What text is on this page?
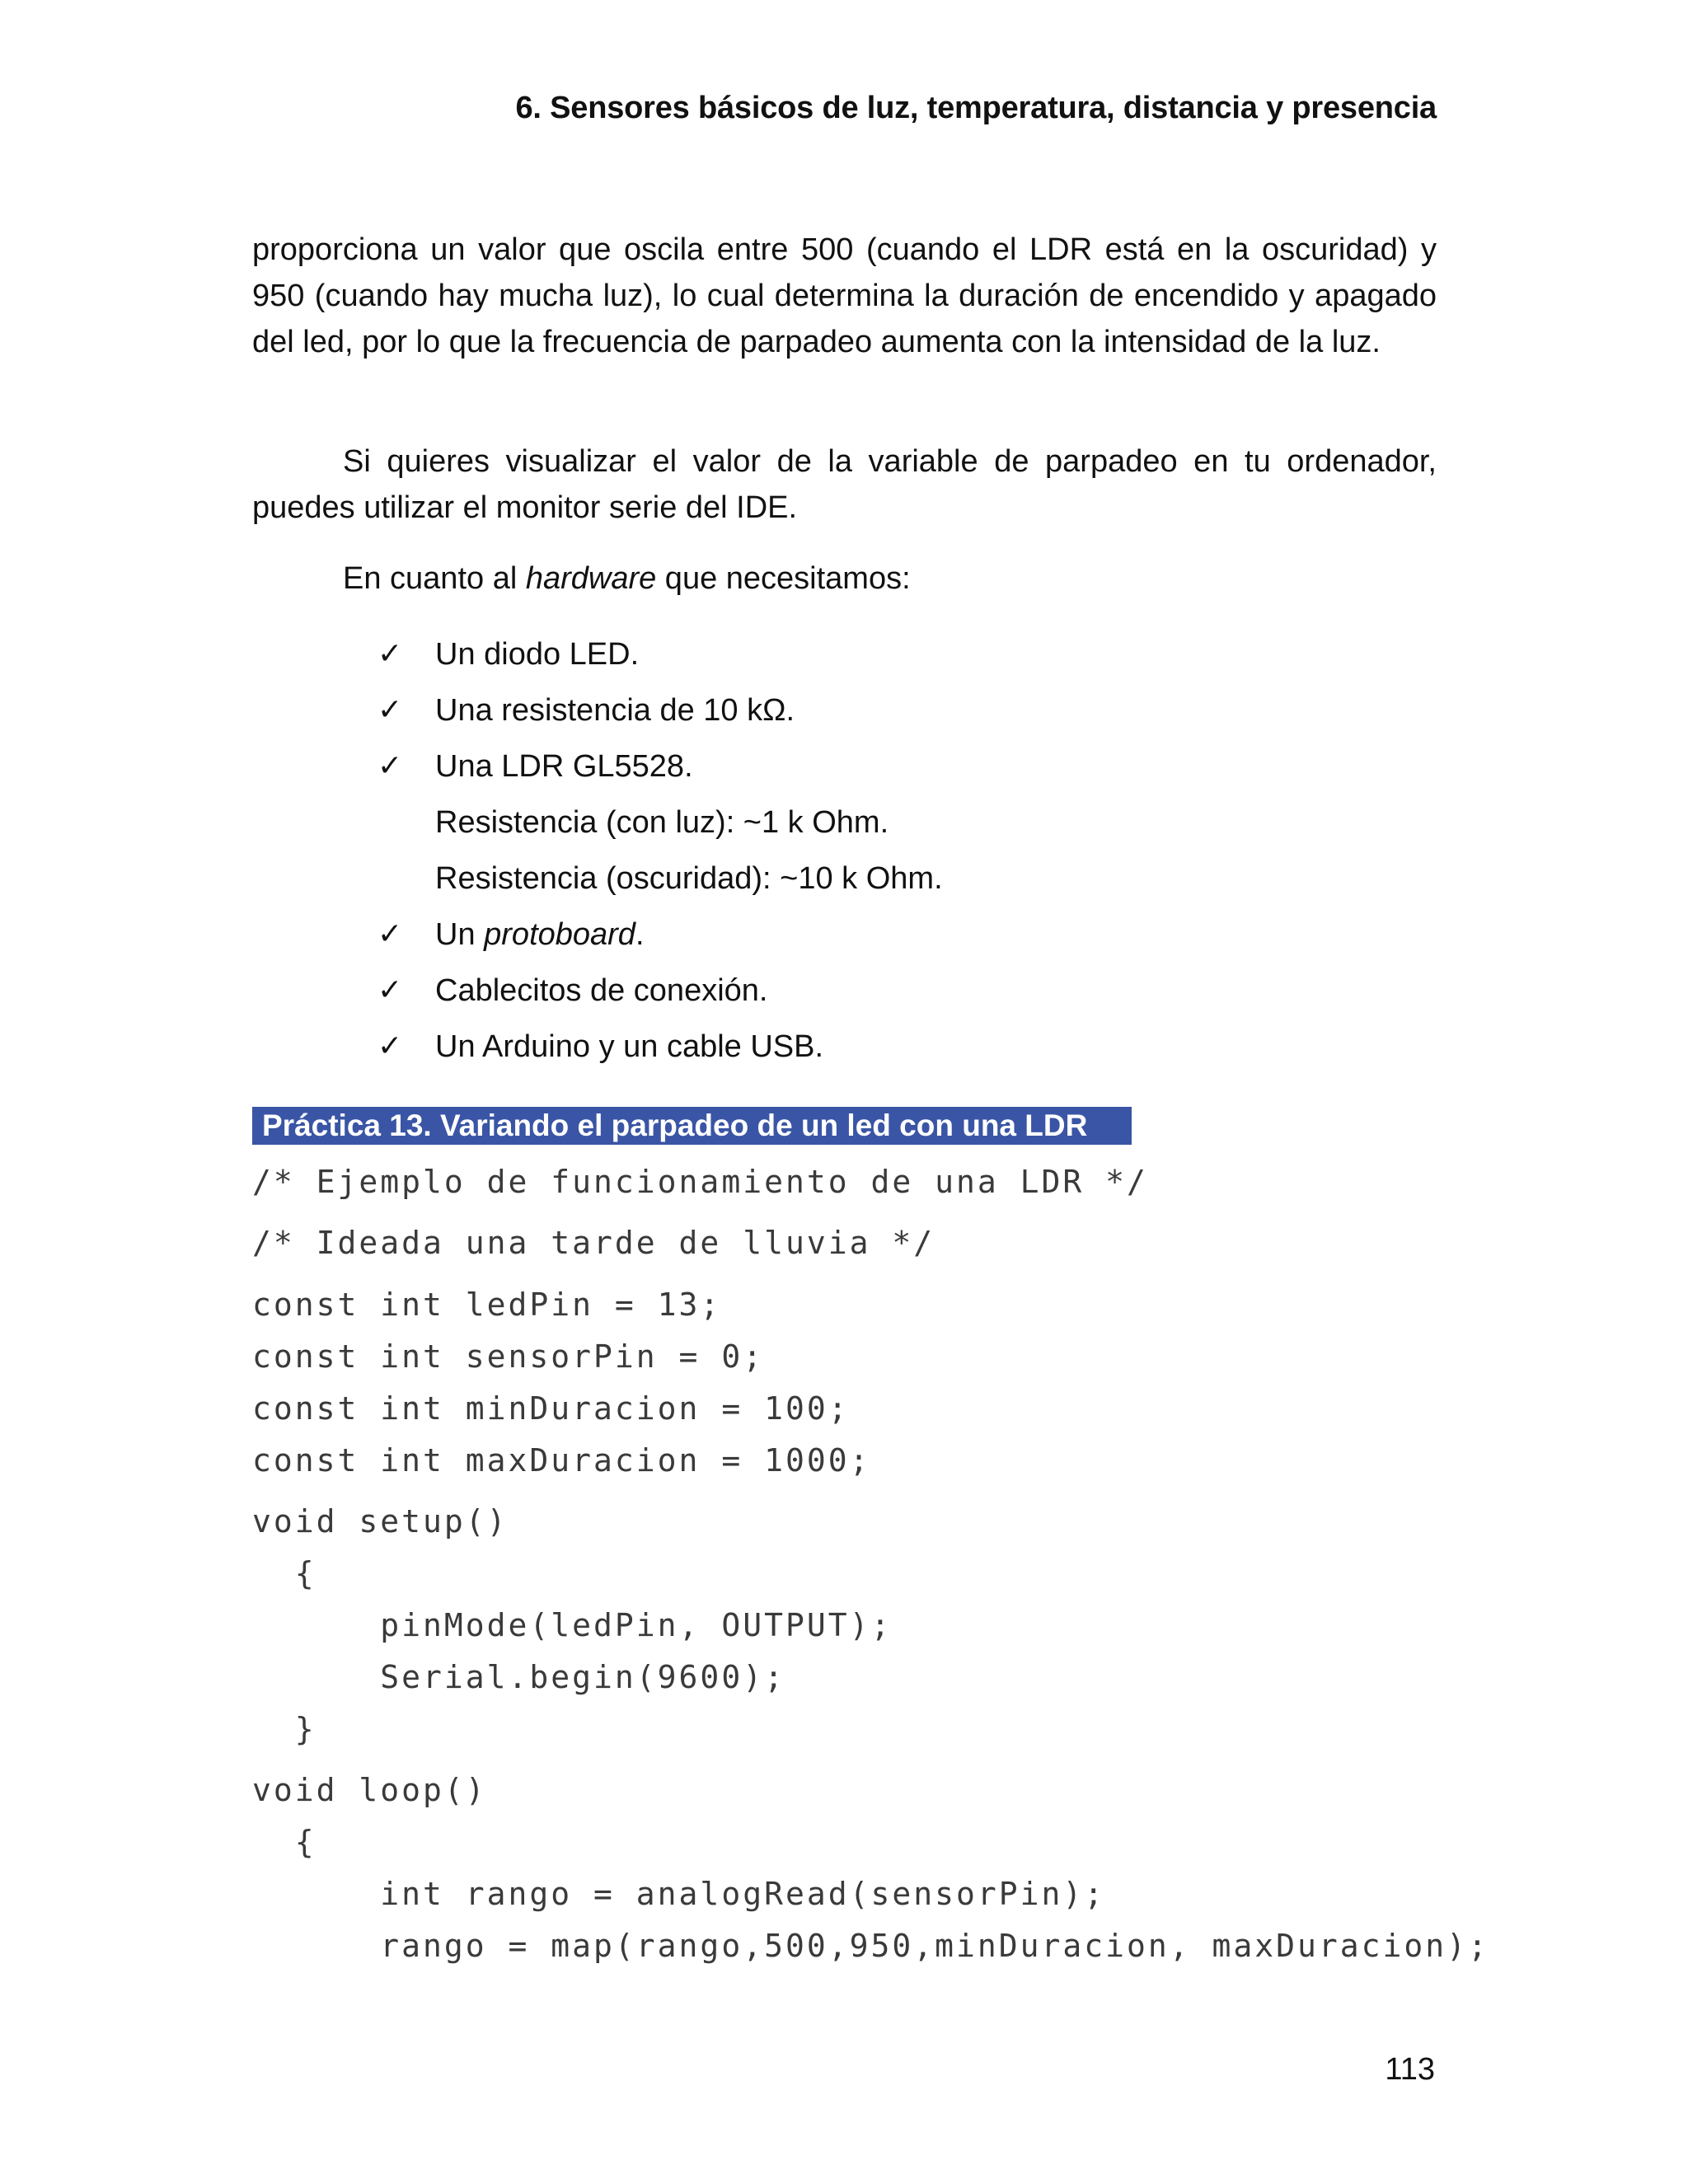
6. Sensores básicos de luz, temperatura, distancia y presencia
proporciona un valor que oscila entre 500 (cuando el LDR está en la oscuridad) y 950 (cuando hay mucha luz), lo cual determina la duración de encendido y apagado del led, por lo que la frecuencia de parpadeo aumenta con la intensidad de la luz.
Si quieres visualizar el valor de la variable de parpadeo en tu ordenador, puedes utilizar el monitor serie del IDE.
En cuanto al hardware que necesitamos:
✓ Un diodo LED.
✓ Una resistencia de 10 kΩ.
✓ Una LDR GL5528.
Resistencia (con luz): ~1 k Ohm.
Resistencia (oscuridad): ~10 k Ohm.
✓ Un protoboard.
✓ Cablecitos de conexión.
✓ Un Arduino y un cable USB.
Práctica 13. Variando el parpadeo de un led con una LDR
/* Ejemplo de funcionamiento de una LDR */
/* Ideada una tarde de lluvia */
const int ledPin = 13;
const int sensorPin = 0;
const int minDuracion = 100;
const int maxDuracion = 1000;
void setup()
{
pinMode(ledPin, OUTPUT);
Serial.begin(9600);
}
void loop()
{
int rango = analogRead(sensorPin);
rango = map(rango,500,950,minDuracion, maxDuracion);
113
